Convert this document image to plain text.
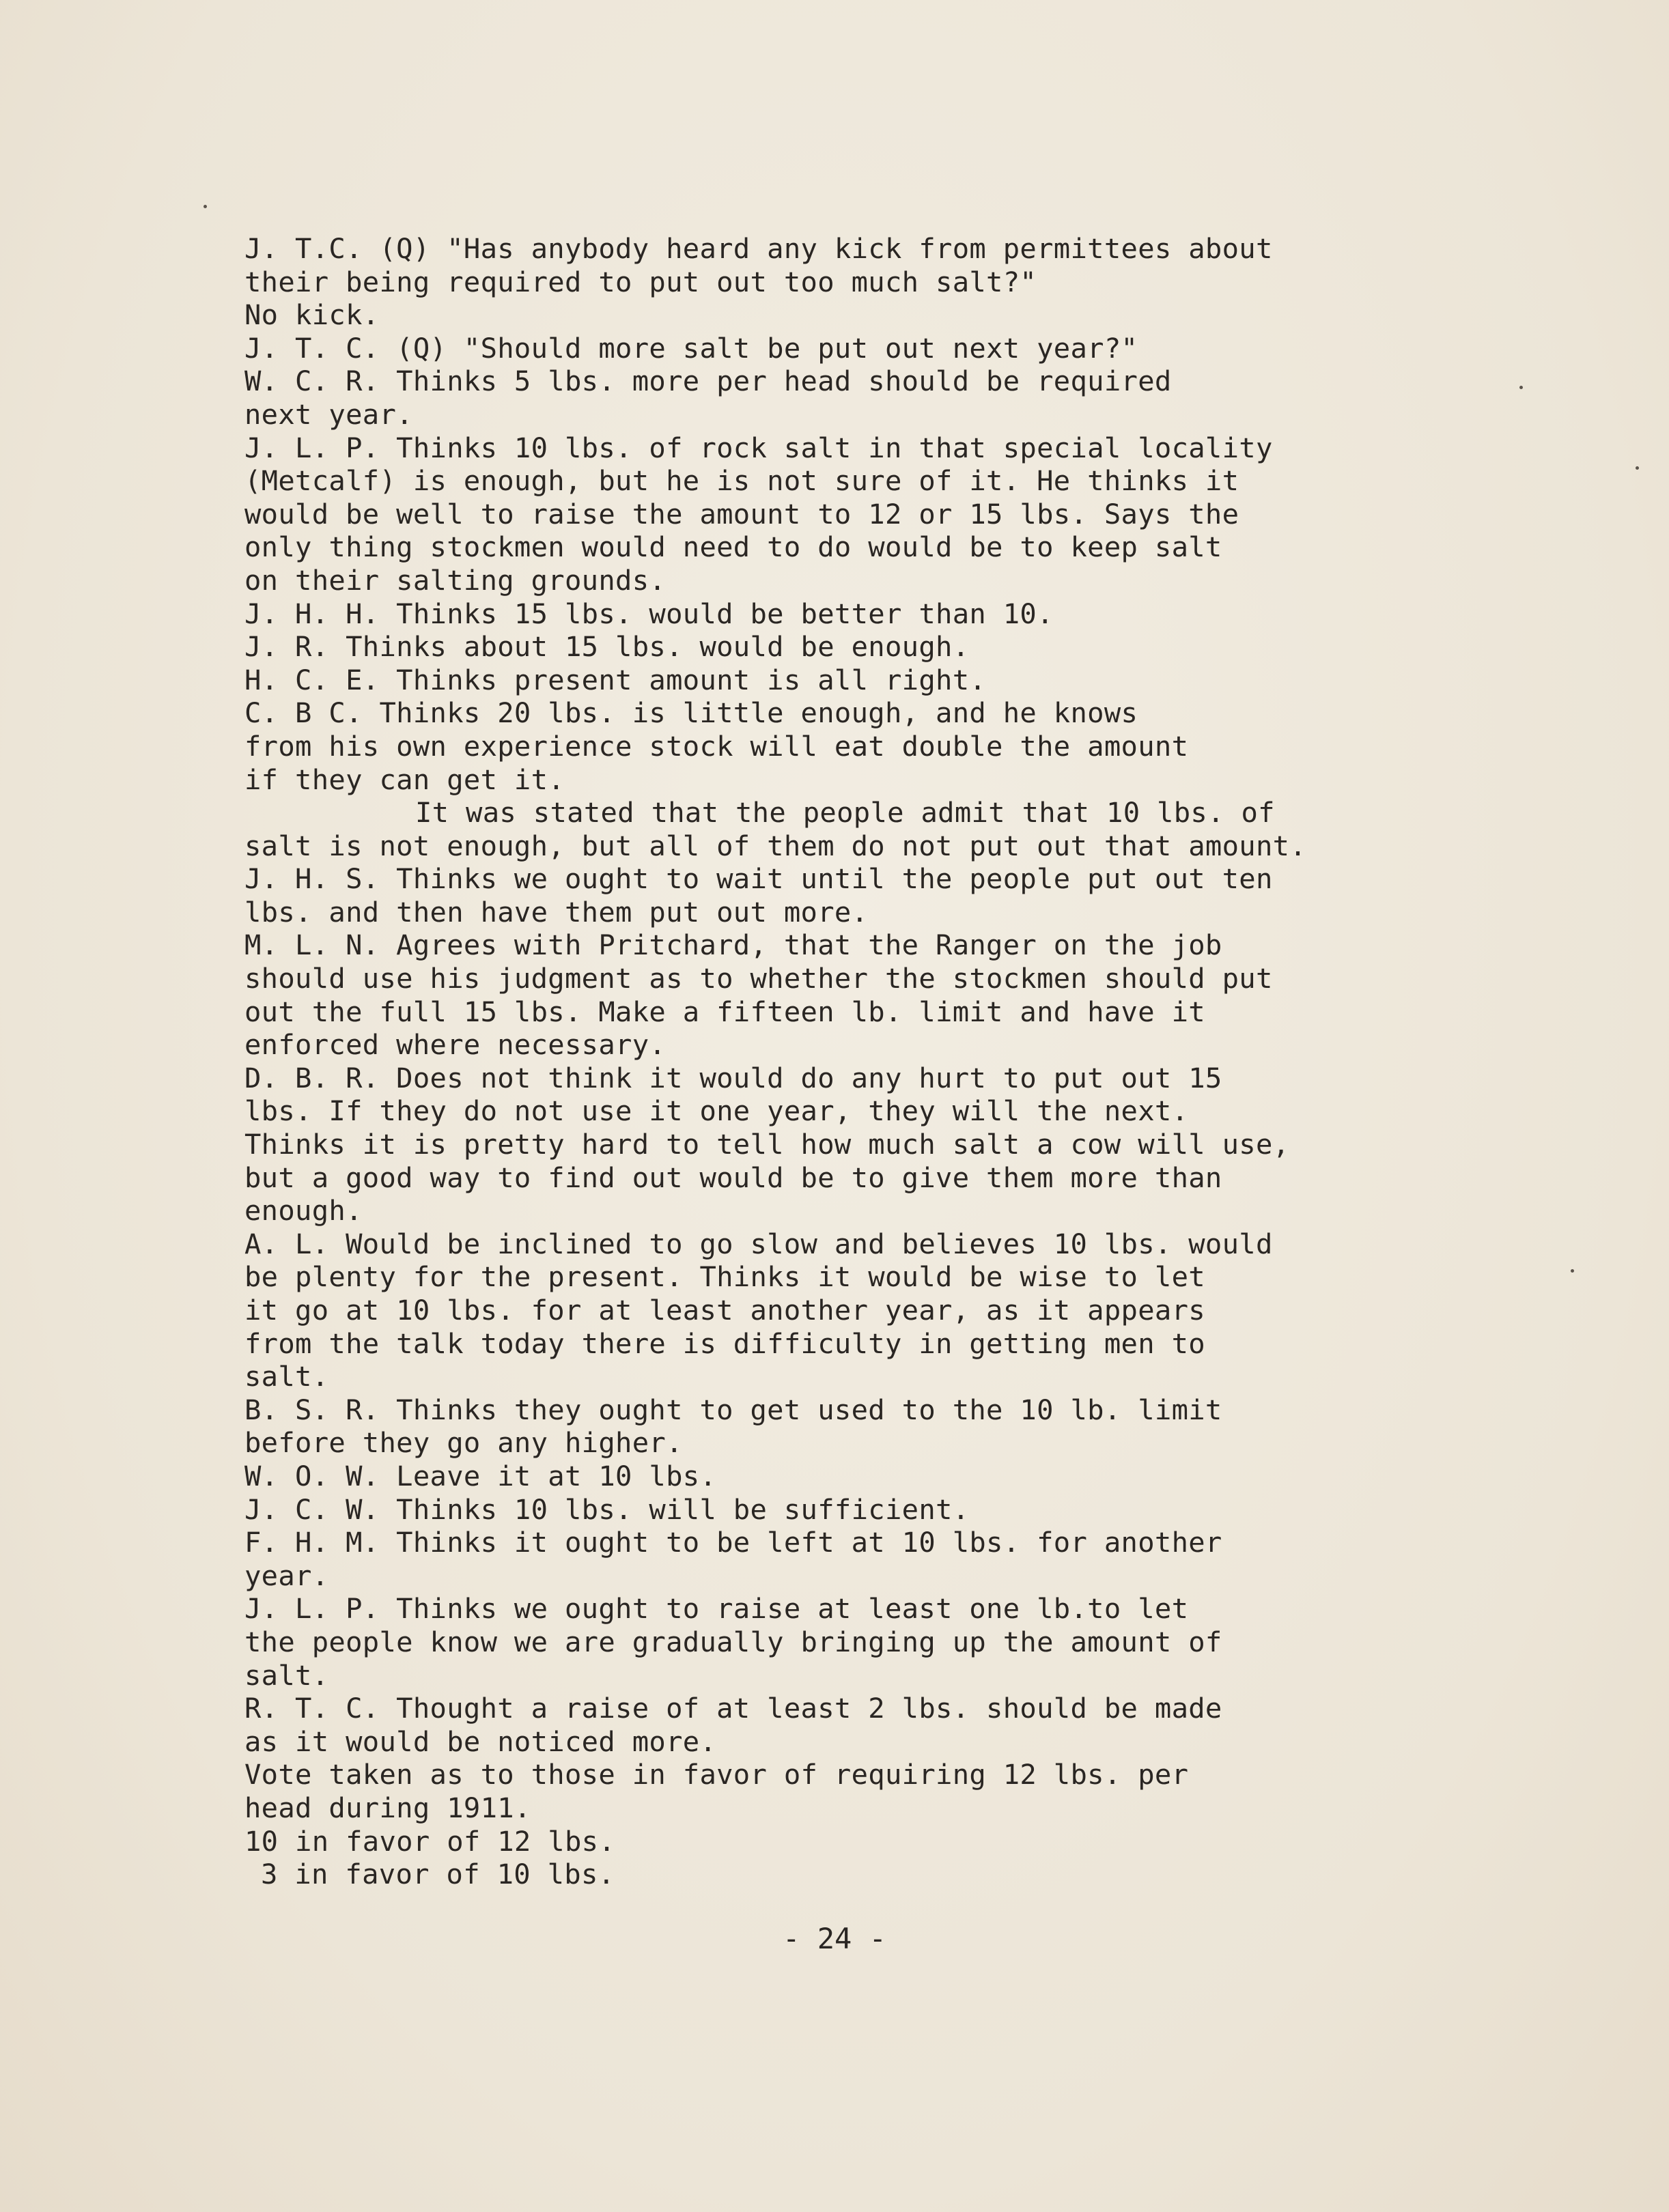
J. T.C. (Q) "Has anybody heard any kick from permittees about
their being required to put out too much salt?"
No kick.
J. T. C. (Q) "Should more salt be put out next year?"
W. C. R. Thinks 5 lbs. more per head should be required
next year.
J. L. P. Thinks 10 lbs. of rock salt in that special locality
(Metcalf) is enough, but he is not sure of it. He thinks it
would be well to raise the amount to 12 or 15 lbs. Says the
only thing stockmen would need to do would be to keep salt
on their salting grounds.
J. H. H. Thinks 15 lbs. would be better than 10.
J. R. Thinks about 15 lbs. would be enough.
H. C. E. Thinks present amount is all right.
C. B C. Thinks 20 lbs. is little enough, and he knows
from his own experience stock will eat double the amount
if they can get it.
It was stated that the people admit that 10 lbs. of
salt is not enough, but all of them do not put out that amount.
J. H. S. Thinks we ought to wait until the people put out ten
lbs. and then have them put out more.
M. L. N. Agrees with Pritchard, that the Ranger on the job
should use his judgment as to whether the stockmen should put
out the full 15 lbs. Make a fifteen lb. limit and have it
enforced where necessary.
D. B. R. Does not think it would do any hurt to put out 15
lbs. If they do not use it one year, they will the next.
Thinks it is pretty hard to tell how much salt a cow will use,
but a good way to find out would be to give them more than
enough.
A. L. Would be inclined to go slow and believes 10 lbs. would
be plenty for the present. Thinks it would be wise to let
it go at 10 lbs. for at least another year, as it appears
from the talk today there is difficulty in getting men to
salt.
B. S. R. Thinks they ought to get used to the 10 lb. limit
before they go any higher.
W. O. W. Leave it at 10 lbs.
J. C. W. Thinks 10 lbs. will be sufficient.
F. H. M. Thinks it ought to be left at 10 lbs. for another
year.
J. L. P. Thinks we ought to raise at least one lb.to let
the people know we are gradually bringing up the amount of
salt.
R. T. C. Thought a raise of at least 2 lbs. should be made
as it would be noticed more.
Vote taken as to those in favor of requiring 12 lbs. per
head during 1911.
10 in favor of 12 lbs.
3 in favor of 10 lbs.
- 24 -
